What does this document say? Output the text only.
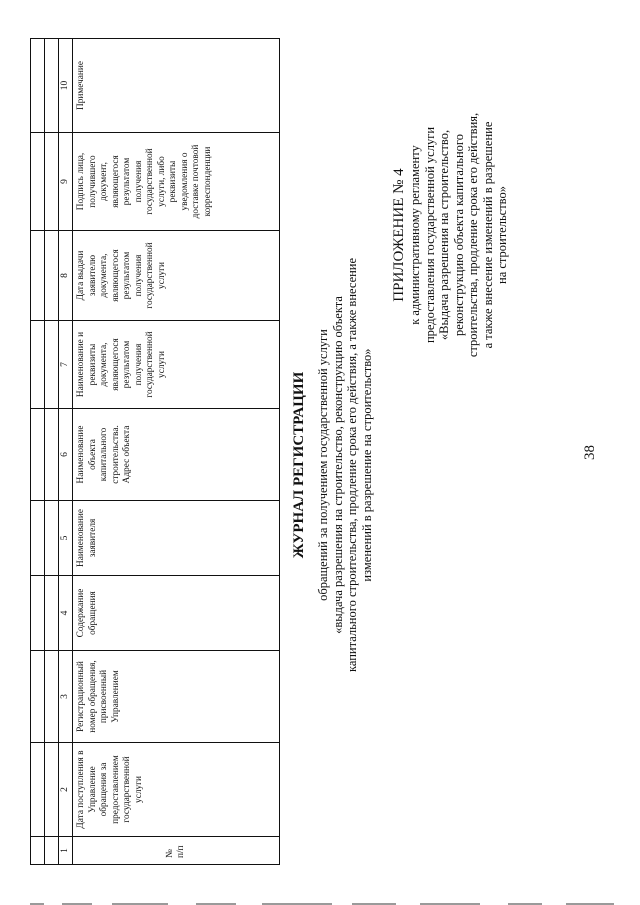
38
ПРИЛОЖЕНИЕ № 4 к административному регламенту предоставления государственной услуги «Выдача разрешения на строительство, реконструкцию объекта капитального строительства, продление срока его действия, а также внесение изменений в разрешение на строительство»
ЖУРНАЛ РЕГИСТРАЦИИ обращений за получением государственной услуги «выдача разрешения на строительство, реконструкцию объекта капитального строительства, продление срока его действия, а также внесение изменений в разрешение на строительство»

1	2	3	4	5	6	7	8	9	10
№ п/п	Дата поступления в Управление обращения за предоставлением государственной услуги	Регистрационный номер обращения, присвоенный Управлением	Содержание обращения	Наименование заявителя	Наименование объекта капитального строительства. Адрес объекта	Наименование и реквизиты документа, являющегося результатом получения государственной услуги	Дата выдачи заявителю документа, являющегося результатом получения государственной услуги	Подпись лица, получившего документ, являющегося результатом получения государственной услуги, либо реквизиты уведомления о доставке почтовой корреспонденции	Примечание
